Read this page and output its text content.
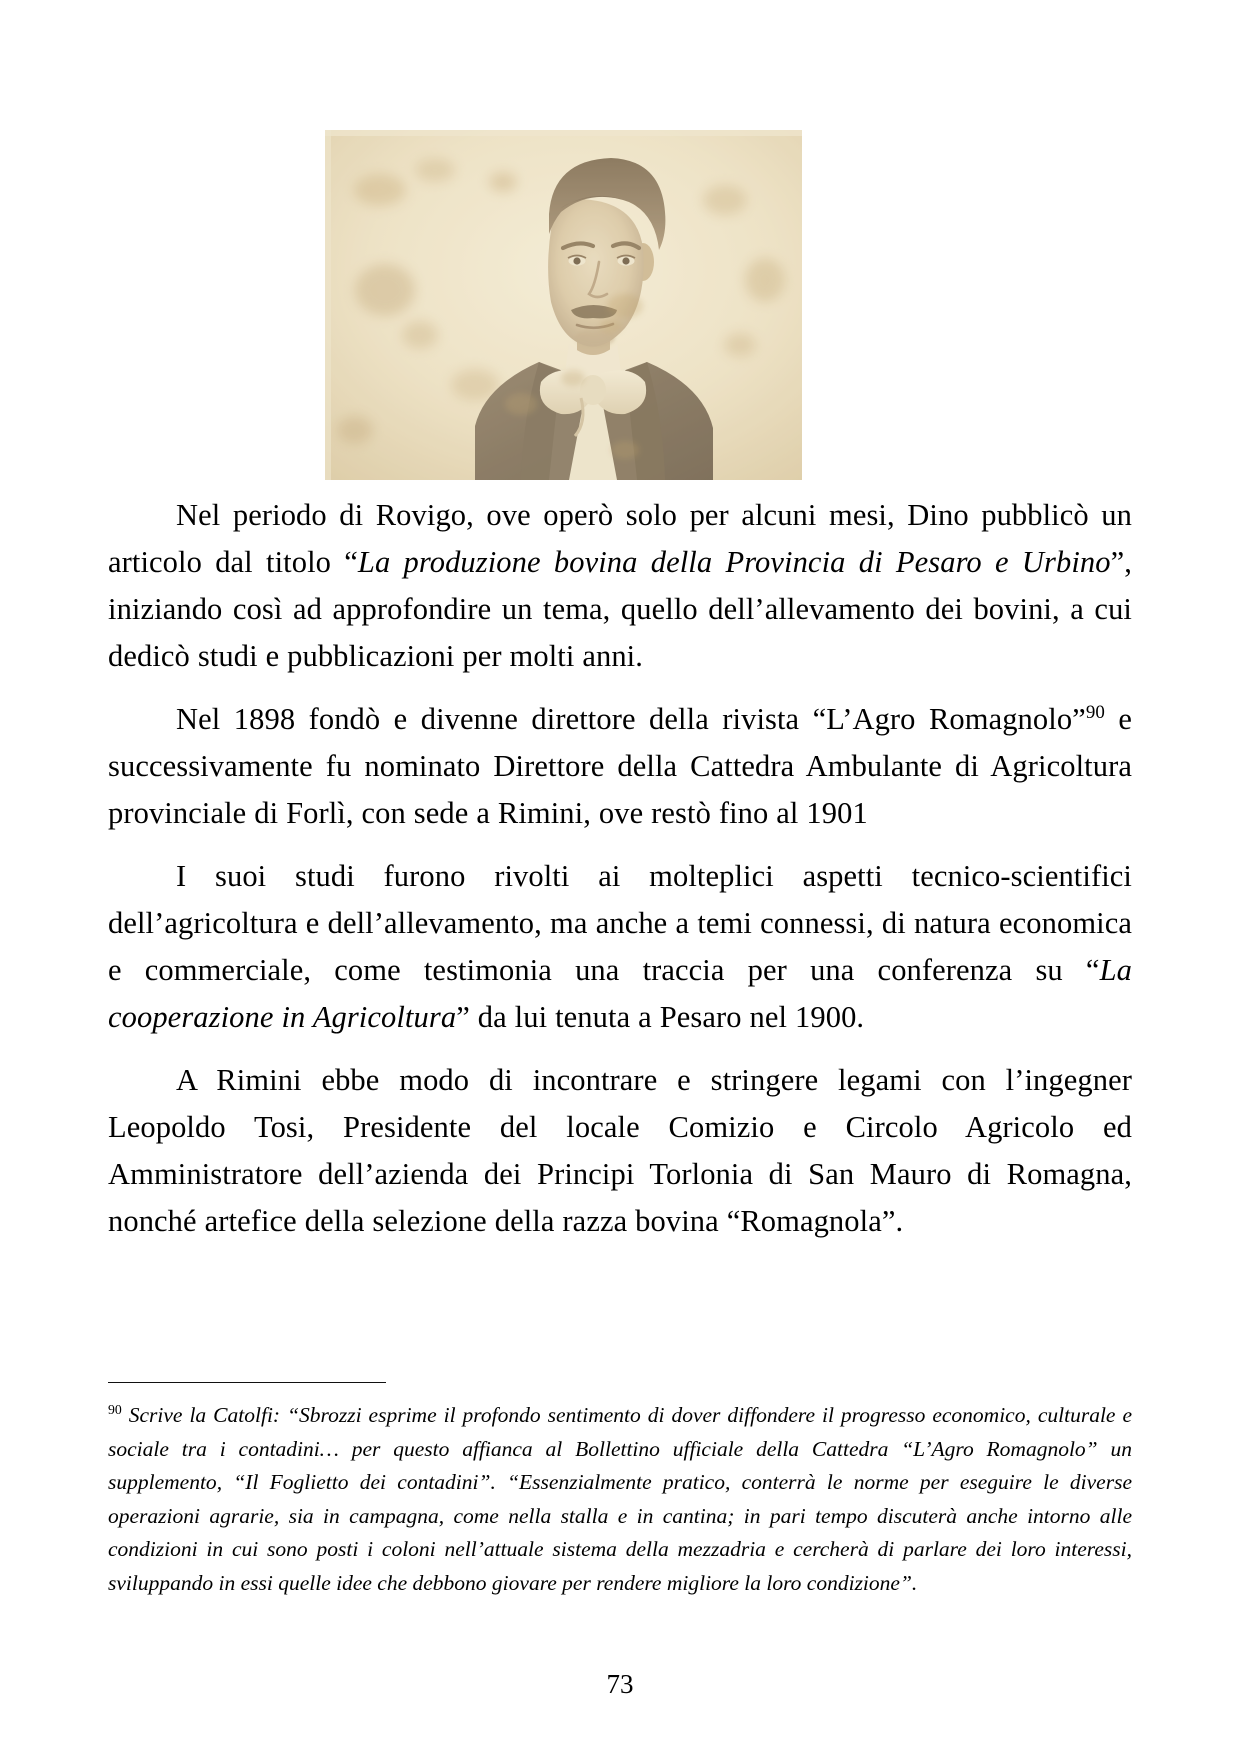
Nel periodo di Rovigo, ove operò solo per alcuni mesi, Dino pubblicò un articolo dal titolo “La produzione bovina della Provincia di Pesaro e Urbino”, iniziando così ad approfondire un tema, quello dell’allevamento dei bovini, a cui dedicò studi e pubblicazioni per molti anni.

Nel 1898 fondò e divenne direttore della rivista “L’Agro Romagnolo”$^{90}$ e successivamente fu nominato Direttore della Cattedra Ambulante di Agricoltura provinciale di Forlì, con sede a Rimini, ove restò fino al 1901

I suoi studi furono rivolti ai molteplici aspetti tecnico-scientifici dell’agricoltura e dell’allevamento, ma anche a temi connessi, di natura economica e commerciale, come testimonia una traccia per una conferenza su “La cooperazione in Agricoltura” da lui tenuta a Pesaro nel 1900.

A Rimini ebbe modo di incontrare e stringere legami con l’ingegner Leopoldo Tosi, Presidente del locale Comizio e Circolo Agricolo ed Amministratore dell’azienda dei Principi Torlonia di San Mauro di Romagna, nonché artefice della selezione della razza bovina “Romagnola”.

$^{90}$ Scrive la Catolfi: “Sbrozzi esprime il profondo sentimento di dover diffondere il progresso economico, culturale e sociale tra i contadini… per questo affianca al Bollettino ufficiale della Cattedra “L’Agro Romagnolo” un supplemento, “Il Foglietto dei contadini”. “Essenzialmente pratico, conterrà le norme per eseguire le diverse operazioni agrarie, sia in campagna, come nella stalla e in cantina; in pari tempo discuterà anche intorno alle condizioni in cui sono posti i coloni nell’attuale sistema della mezzadria e cercherà di parlare dei loro interessi, sviluppando in essi quelle idee che debbono giovare per rendere migliore la loro condizione”.

73
